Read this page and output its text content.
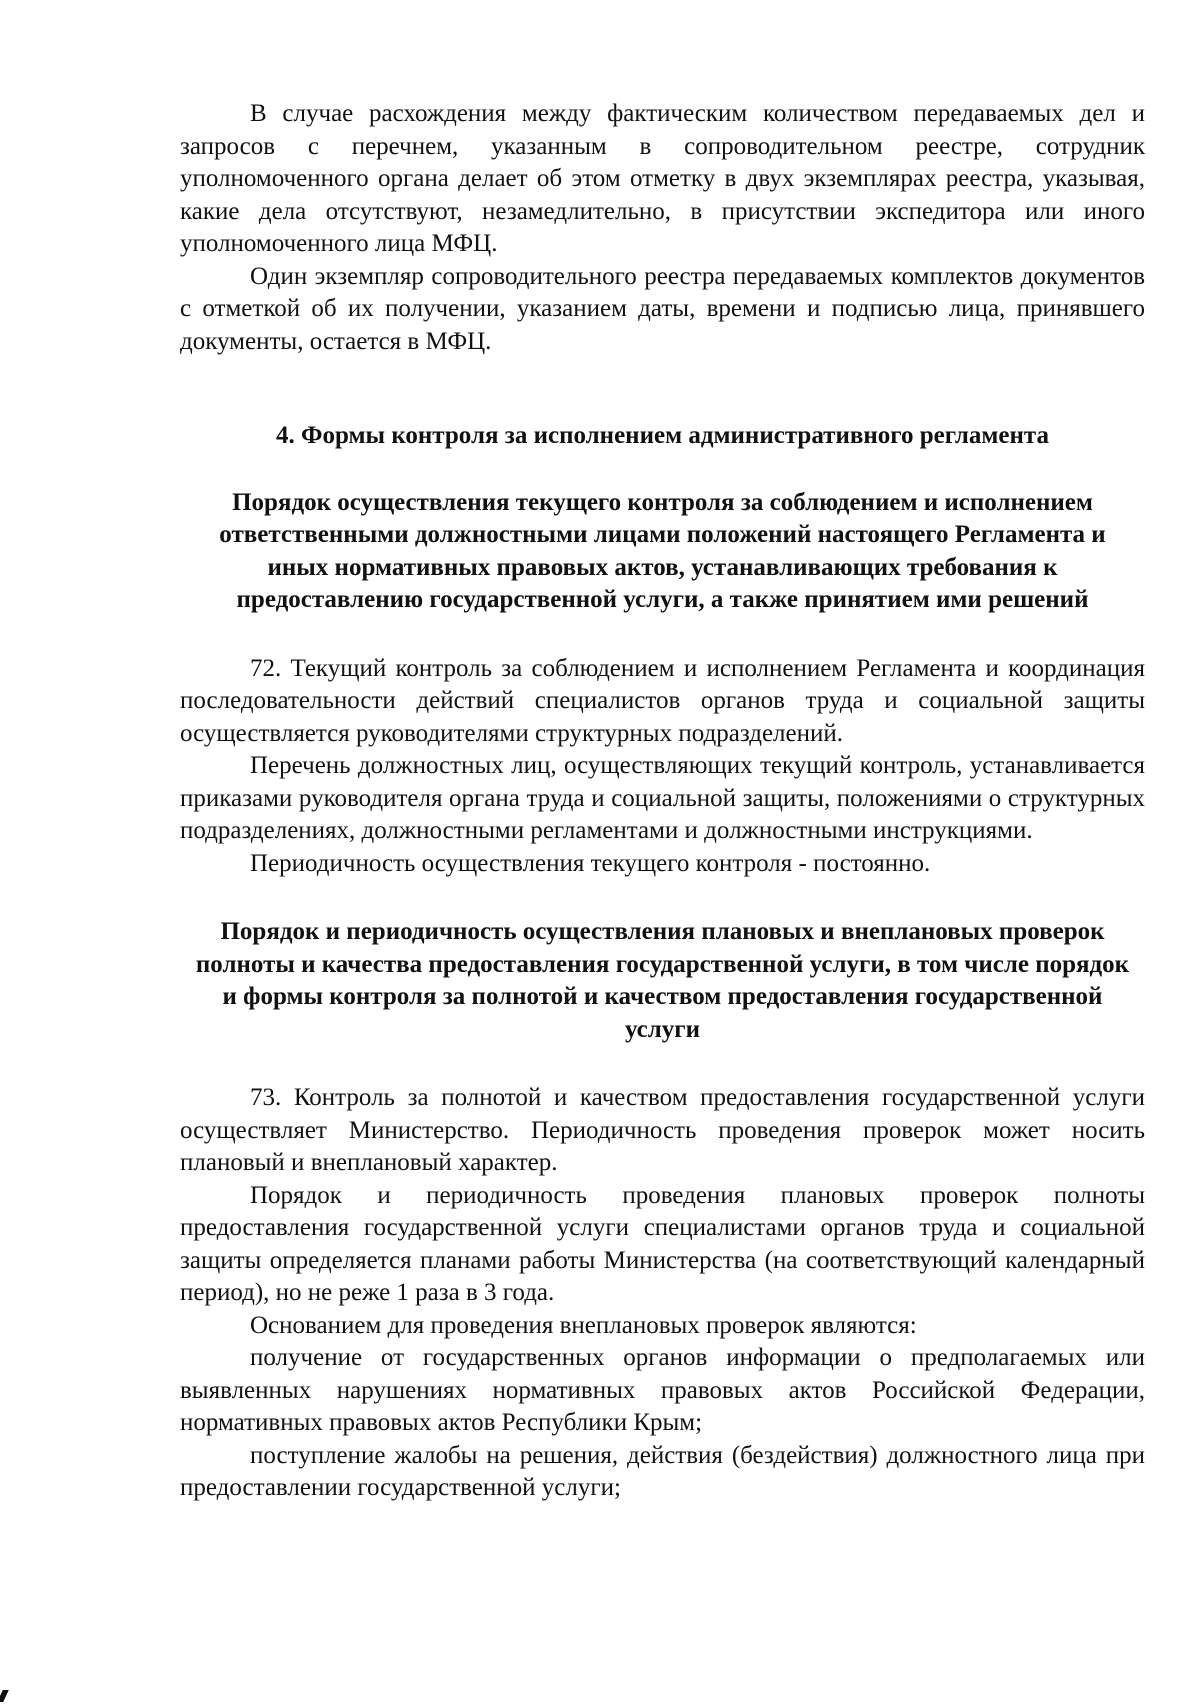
В случае расхождения между фактическим количеством передаваемых дел и запросов с перечнем, указанным в сопроводительном реестре, сотрудник уполномоченного органа делает об этом отметку в двух экземплярах реестра, указывая, какие дела отсутствуют, незамедлительно, в присутствии экспедитора или иного уполномоченного лица МФЦ.

Один экземпляр сопроводительного реестра передаваемых комплектов документов с отметкой об их получении, указанием даты, времени и подписью лица, принявшего документы, остается в МФЦ.

4. Формы контроля за исполнением административного регламента

Порядок осуществления текущего контроля за соблюдением и исполнением ответственными должностными лицами положений настоящего Регламента и иных нормативных правовых актов, устанавливающих требования к предоставлению государственной услуги, а также принятием ими решений

72. Текущий контроль за соблюдением и исполнением Регламента и координация последовательности действий специалистов органов труда и социальной защиты осуществляется руководителями структурных подразделений.

Перечень должностных лиц, осуществляющих текущий контроль, устанавливается приказами руководителя органа труда и социальной защиты, положениями о структурных подразделениях, должностными регламентами и должностными инструкциями.

Периодичность осуществления текущего контроля - постоянно.

Порядок и периодичность осуществления плановых и внеплановых проверок полноты и качества предоставления государственной услуги, в том числе порядок и формы контроля за полнотой и качеством предоставления государственной услуги

73. Контроль за полнотой и качеством предоставления государственной услуги осуществляет Министерство. Периодичность проведения проверок может носить плановый и внеплановый характер.

Порядок и периодичность проведения плановых проверок полноты предоставления государственной услуги специалистами органов труда и социальной защиты определяется планами работы Министерства (на соответствующий календарный период), но не реже 1 раза в 3 года.

Основанием для проведения внеплановых проверок являются:

получение от государственных органов информации о предполагаемых или выявленных нарушениях нормативных правовых актов Российской Федерации, нормативных правовых актов Республики Крым;

поступление жалобы на решения, действия (бездействия) должностного лица при предоставлении государственной услуги;
